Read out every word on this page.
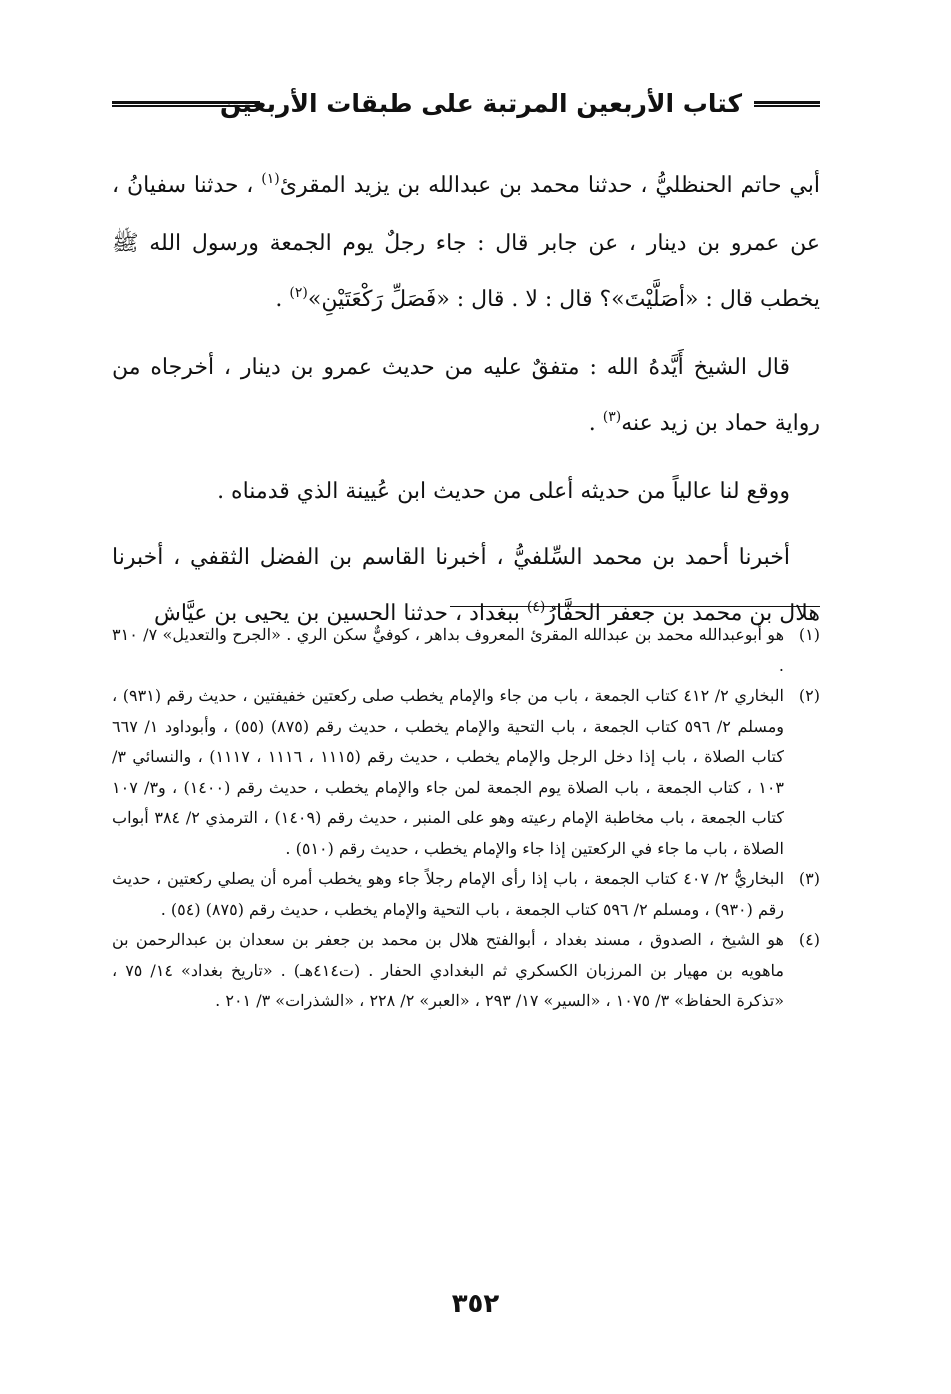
كتاب الأربعين المرتبة على طبقات الأربعين

أبي حاتم الحنظليُّ ، حدثنا محمد بن عبدالله بن يزيد المقرئ$^{(١)}$ ، حدثنا سفيانُ ، عن عمرو بن دينار ، عن جابر قال : جاء رجلٌ يوم الجمعة ورسول الله ﷺ يخطب قال : «أصَلَّيْتَ»؟ قال : لا . قال : «فَصَلِّ رَكْعَتَيْنِ»$^{(٢)}$ .

قال الشيخ أَيَّدهُ الله : متفقٌ عليه من حديث عمرو بن دينار ، أخرجاه من رواية حماد بن زيد عنه$^{(٣)}$ .

ووقع لنا عالياً من حديثه أعلى من حديث ابن عُيينة الذي قدمناه .

أخبرنا أحمد بن محمد السِّلفيُّ ، أخبرنا القاسم بن الفضل الثقفي ، أخبرنا هلال بن محمد بن جعفر الحفَّارُ$^{(٤)}$ ببغداد ، حدثنا الحسين بن يحيى بن عيَّاش

(١)
هو أبوعبدالله محمد بن عبدالله المقرئ المعروف بداهر ، كوفيٌّ سكن الري . «الجرح والتعديل» ٧/ ٣١٠ .

(٢)
البخاري ٢/ ٤١٢ كتاب الجمعة ، باب من جاء والإمام يخطب صلى ركعتين خفيفتين ، حديث رقم (٩٣١) ، ومسلم ٢/ ٥٩٦ كتاب الجمعة ، باب التحية والإمام يخطب ، حديث رقم (٨٧٥) (٥٥) ، وأبوداود ١/ ٦٦٧ كتاب الصلاة ، باب إذا دخل الرجل والإمام يخطب ، حديث رقم (١١١٥ ، ١١١٦ ، ١١١٧) ، والنسائي ٣/ ١٠٣ ، كتاب الجمعة ، باب الصلاة يوم الجمعة لمن جاء والإمام يخطب ، حديث رقم (١٤٠٠) ، و٣/ ١٠٧ كتاب الجمعة ، باب مخاطبة الإمام رعيته وهو على المنبر ، حديث رقم (١٤٠٩) ، الترمذي ٢/ ٣٨٤ أبواب الصلاة ، باب ما جاء في الركعتين إذا جاء والإمام يخطب ، حديث رقم (٥١٠) .

(٣)
البخاريُّ ٢/ ٤٠٧ كتاب الجمعة ، باب إذا رأى الإمام رجلاً جاء وهو يخطب أمره أن يصلي ركعتين ، حديث رقم (٩٣٠) ، ومسلم ٢/ ٥٩٦ كتاب الجمعة ، باب التحية والإمام يخطب ، حديث رقم (٨٧٥) (٥٤) .

(٤)
هو الشيخ ، الصدوق ، مسند بغداد ، أبوالفتح هلال بن محمد بن جعفر بن سعدان بن عبدالرحمن بن ماهويه بن مهيار بن المرزبان الكسكري ثم البغدادي الحفار . (ت٤١٤هـ) . «تاريخ بغداد» ١٤/ ٧٥ ، «تذكرة الحفاظ» ٣/ ١٠٧٥ ، «السير» ١٧/ ٢٩٣ ، «العبر» ٢/ ٢٢٨ ، «الشذرات» ٣/ ٢٠١ .

٣٥٢
